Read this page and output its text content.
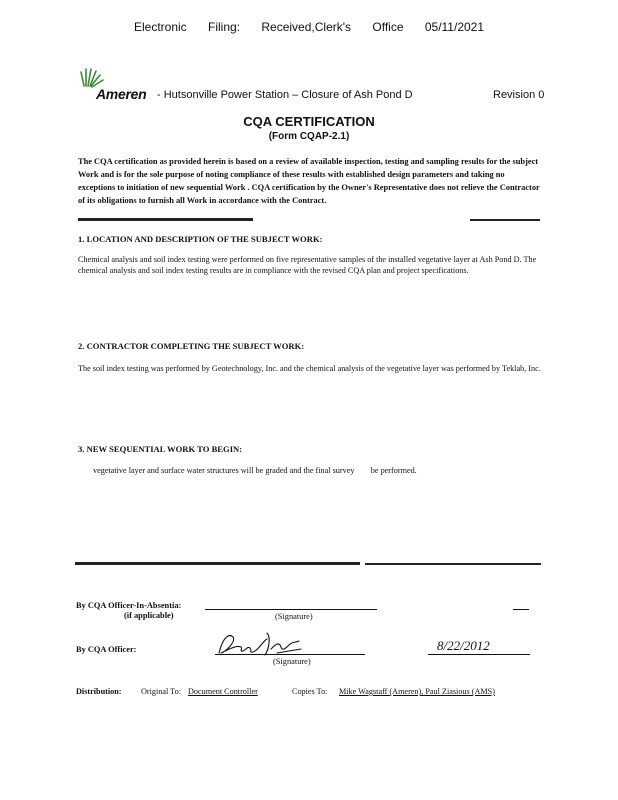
Electronic Filing: Received,Clerk's Office 05/11/2021
Ameren - Hutsonville Power Station – Closure of Ash Pond D	Revision 0
CQA CERTIFICATION
(Form CQAP-2.1)
The CQA certification as provided herein is based on a review of available inspection, testing and sampling results for the subject Work and is for the sole purpose of noting compliance of these results with established design parameters and taking no exceptions to initiation of new sequential Work . CQA certification by the Owner's Representative does not relieve the Contractor of its obligations to furnish all Work in accordance with the Contract.
1. LOCATION AND DESCRIPTION OF THE SUBJECT WORK:
Chemical analysis and soil index testing were performed on five representative samples of the installed vegetative layer at Ash Pond D. The chemical analysis and soil index testing results are in compliance with the revised CQA plan and project specifications.
2. CONTRACTOR COMPLETING THE SUBJECT WORK:
The soil index testing was performed by Geotechnology, Inc. and the chemical analysis of the vegetative layer was performed by Teklab, Inc.
3. NEW SEQUENTIAL WORK TO BEGIN:
vegetative layer and surface water structures will be graded and the final survey        be performed.
By CQA Officer-In-Absentia:
(if applicable)	(Signature)
By CQA Officer:
(Signature)
8/22/2012
Distribution: Original To: Document Controller	Copies To: Mike Wagstaff (Ameren), Paul Ziasious (AMS)
